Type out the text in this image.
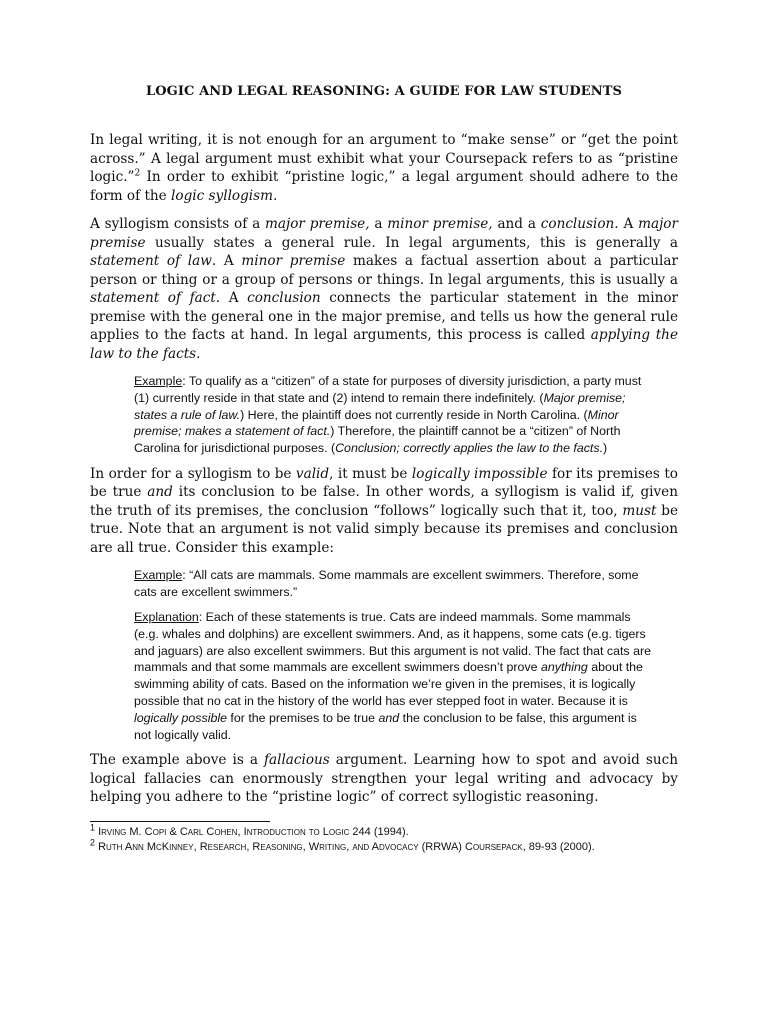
LOGIC AND LEGAL REASONING: A GUIDE FOR LAW STUDENTS

In legal writing, it is not enough for an argument to “make sense” or “get the point across.” A legal argument must exhibit what your Coursepack refers to as “pristine logic.”$^2$ In order to exhibit “pristine logic,” a legal argument should adhere to the form of the logic syllogism.

A syllogism consists of a major premise, a minor premise, and a conclusion. A major premise usually states a general rule. In legal arguments, this is generally a statement of law. A minor premise makes a factual assertion about a particular person or thing or a group of persons or things. In legal arguments, this is usually a statement of fact. A conclusion connects the particular statement in the minor premise with the general one in the major premise, and tells us how the general rule applies to the facts at hand. In legal arguments, this process is called applying the law to the facts.

Example: To qualify as a “citizen” of a state for purposes of diversity jurisdiction, a party must (1) currently reside in that state and (2) intend to remain there indefinitely. (Major premise; states a rule of law.) Here, the plaintiff does not currently reside in North Carolina. (Minor premise; makes a statement of fact.) Therefore, the plaintiff cannot be a “citizen” of North Carolina for jurisdictional purposes. (Conclusion; correctly applies the law to the facts.)

In order for a syllogism to be valid, it must be logically impossible for its premises to be true and its conclusion to be false. In other words, a syllogism is valid if, given the truth of its premises, the conclusion “follows” logically such that it, too, must be true. Note that an argument is not valid simply because its premises and conclusion are all true. Consider this example:

Example: “All cats are mammals. Some mammals are excellent swimmers. Therefore, some cats are excellent swimmers.”

Explanation: Each of these statements is true. Cats are indeed mammals. Some mammals (e.g. whales and dolphins) are excellent swimmers. And, as it happens, some cats (e.g. tigers and jaguars) are also excellent swimmers. But this argument is not valid. The fact that cats are mammals and that some mammals are excellent swimmers doesn’t prove anything about the swimming ability of cats. Based on the information we’re given in the premises, it is logically possible that no cat in the history of the world has ever stepped foot in water. Because it is logically possible for the premises to be true and the conclusion to be false, this argument is not logically valid.

The example above is a fallacious argument. Learning how to spot and avoid such logical fallacies can enormously strengthen your legal writing and advocacy by helping you adhere to the “pristine logic” of correct syllogistic reasoning.

$^1$ Irving M. Copi & Carl Cohen, Introduction to Logic 244 (1994).
$^2$ Ruth Ann McKinney, Research, Reasoning, Writing, and Advocacy (RRWA) Coursepack, 89-93 (2000).
